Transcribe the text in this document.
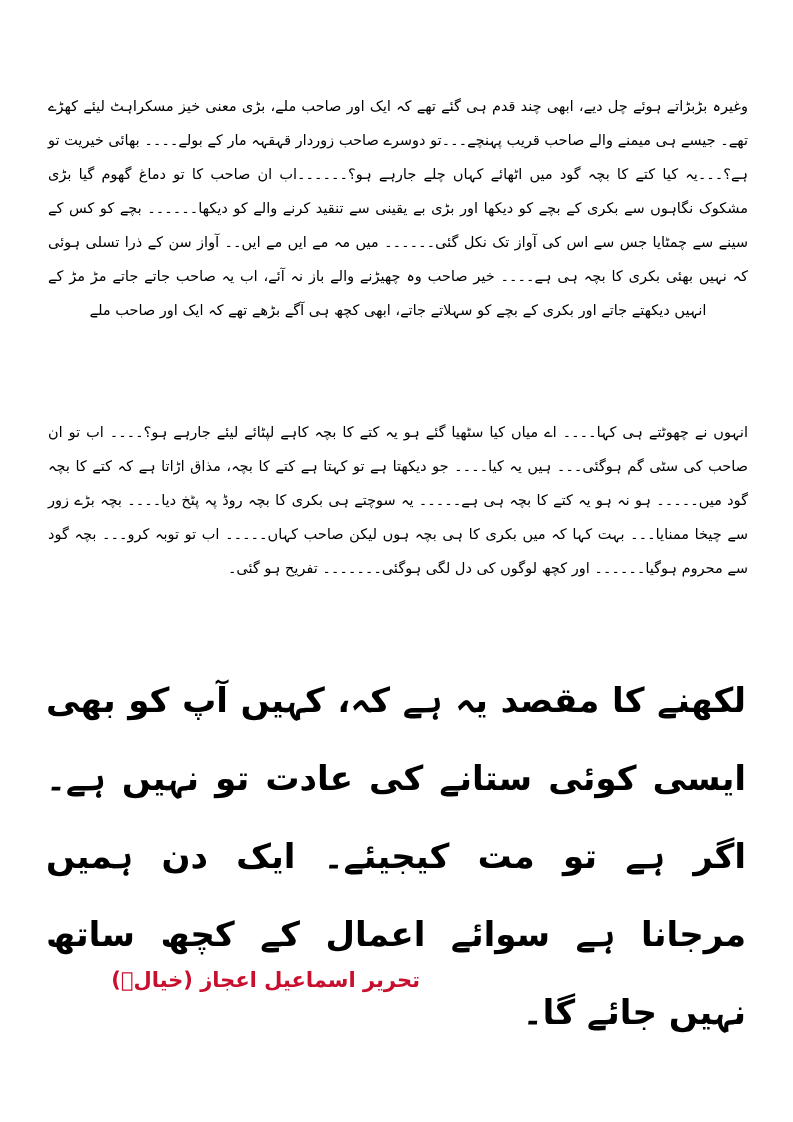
وغیرہ بڑبڑاتے ہوئے چل دیے، ابھی چند قدم ہی گئے تھے کہ ایک اور صاحب ملے، بڑی معنی خیز مسکراہٹ لیئے کھڑے تھے۔ جیسے ہی میمنے والے صاحب قریب پہنچے۔۔۔تو دوسرے صاحب زوردار قہقہہ مار کے بولے۔۔۔۔ بھائی خیریت تو ہے؟۔۔۔یہ کیا کتے کا بچہ گود میں اٹھائے کہاں چلے جارہے ہو؟۔۔۔۔۔۔اب ان صاحب کا تو دماغ گھوم گیا بڑی مشکوک نگاہوں سے بکری کے بچے کو دیکھا اور بڑی بے یقینی سے تنقید کرنے والے کو دیکھا۔۔۔۔۔۔ بچے کو کس کے سینے سے چمٹایا جس سے اس کی آواز تک نکل گئی۔۔۔۔۔۔ میں مہ مے ایں مے ایں۔۔ آواز سن کے ذرا تسلی ہوئی کہ نہیں بھئی بکری کا بچہ ہی ہے۔۔۔۔ خیر صاحب وہ چھیڑنے والے باز نہ آئے، اب یہ صاحب جاتے جاتے مڑ مڑ کے انہیں دیکھتے جاتے اور بکری کے بچے کو سہلاتے جاتے، ابھی کچھ ہی آگے بڑھے تھے کہ ایک اور صاحب ملے
انہوں نے چھوٹتے ہی کہا۔۔۔۔ اے میاں کیا سٹھیا گئے ہو یہ کتے کا بچہ کاہے لپٹائے لیئے جارہے ہو؟۔۔۔۔ اب تو ان صاحب کی سٹی گم ہوگئی۔۔۔ ہیں یہ کیا۔۔۔۔ جو دیکھتا ہے تو کہتا ہے کتے کا بچہ، مذاق اڑاتا ہے کہ کتے کا بچہ گود میں۔۔۔۔۔ ہو نہ ہو یہ کتے کا بچہ ہی ہے۔۔۔۔۔ یہ سوچتے ہی بکری کا بچہ روڈ پہ پٹخ دیا۔۔۔۔ بچہ بڑے زور سے چیخا ممنایا۔۔۔ بہت کہا کہ میں بکری کا ہی بچہ ہوں لیکن صاحب کہاں۔۔۔۔۔ اب تو توبہ کرو۔۔۔ بچہ گود سے محروم ہوگیا۔۔۔۔۔۔ اور کچھ لوگوں کی دل لگی ہوگئی۔۔۔۔۔۔۔ تفریح ہو گئی۔
لکھنے کا مقصد یہ ہے کہ، کہیں آپ کو بھی ایسی کوئی ستانے کی عادت تو نہیں ہے۔ اگر ہے تو مت کیجیئے۔ ایک دن ہمیں مرجانا ہے سوائے اعمال کے کچھ ساتھ نہیں جائے گا۔
تحریر اسماعیل اعجاز (خیالؔ)
